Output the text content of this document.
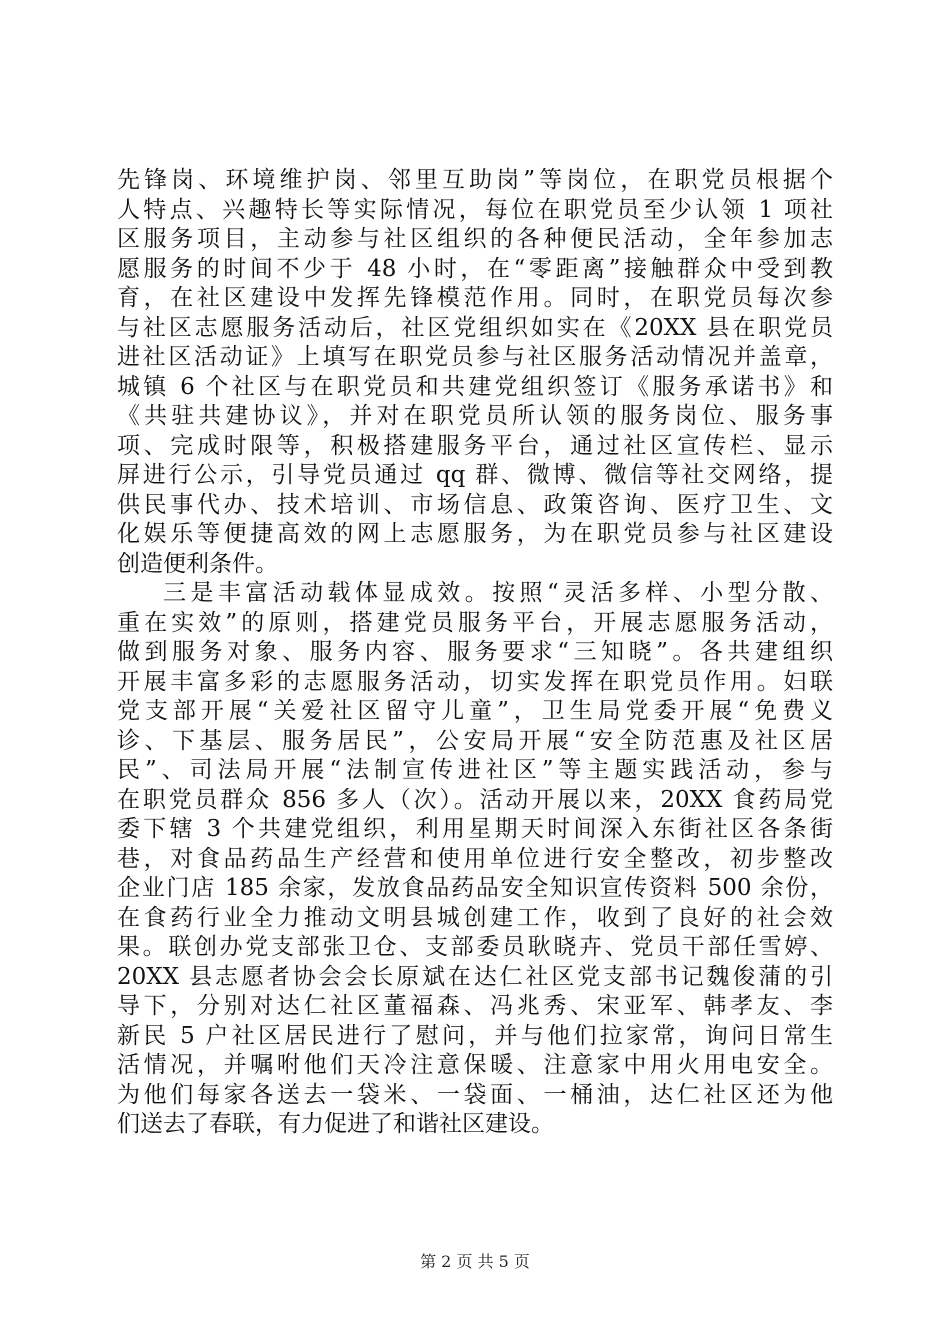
先锋岗、环境维护岗、邻里互助岗”等岗位，在职党员根据个
人特点、兴趣特长等实际情况，每位在职党员至少认领 1 项社
区服务项目，主动参与社区组织的各种便民活动，全年参加志
愿服务的时间不少于 48 小时，在“零距离”接触群众中受到教
育，在社区建设中发挥先锋模范作用。同时，在职党员每次参
与社区志愿服务活动后，社区党组织如实在《20XX 县在职党员
进社区活动证》上填写在职党员参与社区服务活动情况并盖章，
城镇 6 个社区与在职党员和共建党组织签订《服务承诺书》和
《共驻共建协议》，并对在职党员所认领的服务岗位、服务事
项、完成时限等，积极搭建服务平台，通过社区宣传栏、显示
屏进行公示，引导党员通过 qq 群、微博、微信等社交网络，提
供民事代办、技术培训、市场信息、政策咨询、医疗卫生、文
化娱乐等便捷高效的网上志愿服务，为在职党员参与社区建设
创造便利条件。
三是丰富活动载体显成效。按照“灵活多样、小型分散、
重在实效”的原则，搭建党员服务平台，开展志愿服务活动，
做到服务对象、服务内容、服务要求“三知晓”。各共建组织
开展丰富多彩的志愿服务活动，切实发挥在职党员作用。妇联
党支部开展“关爱社区留守儿童”，卫生局党委开展“免费义
诊、下基层、服务居民”，公安局开展“安全防范惠及社区居
民”、司法局开展“法制宣传进社区”等主题实践活动，参与
在职党员群众 856 多人（次）。活动开展以来，20XX 食药局党
委下辖 3 个共建党组织，利用星期天时间深入东街社区各条街
巷，对食品药品生产经营和使用单位进行安全整改，初步整改
企业门店 185 余家，发放食品药品安全知识宣传资料 500 余份，
在食药行业全力推动文明县城创建工作，收到了良好的社会效
果。联创办党支部张卫仓、支部委员耿晓卉、党员干部任雪婷、
20XX 县志愿者协会会长原斌在达仁社区党支部书记魏俊蒲的引
导下，分别对达仁社区董福森、冯兆秀、宋亚军、韩孝友、李
新民 5 户社区居民进行了慰问，并与他们拉家常，询问日常生
活情况，并嘱咐他们天冷注意保暖、注意家中用火用电安全。
为他们每家各送去一袋米、一袋面、一桶油，达仁社区还为他
们送去了春联，有力促进了和谐社区建设。
第 2 页 共 5 页
